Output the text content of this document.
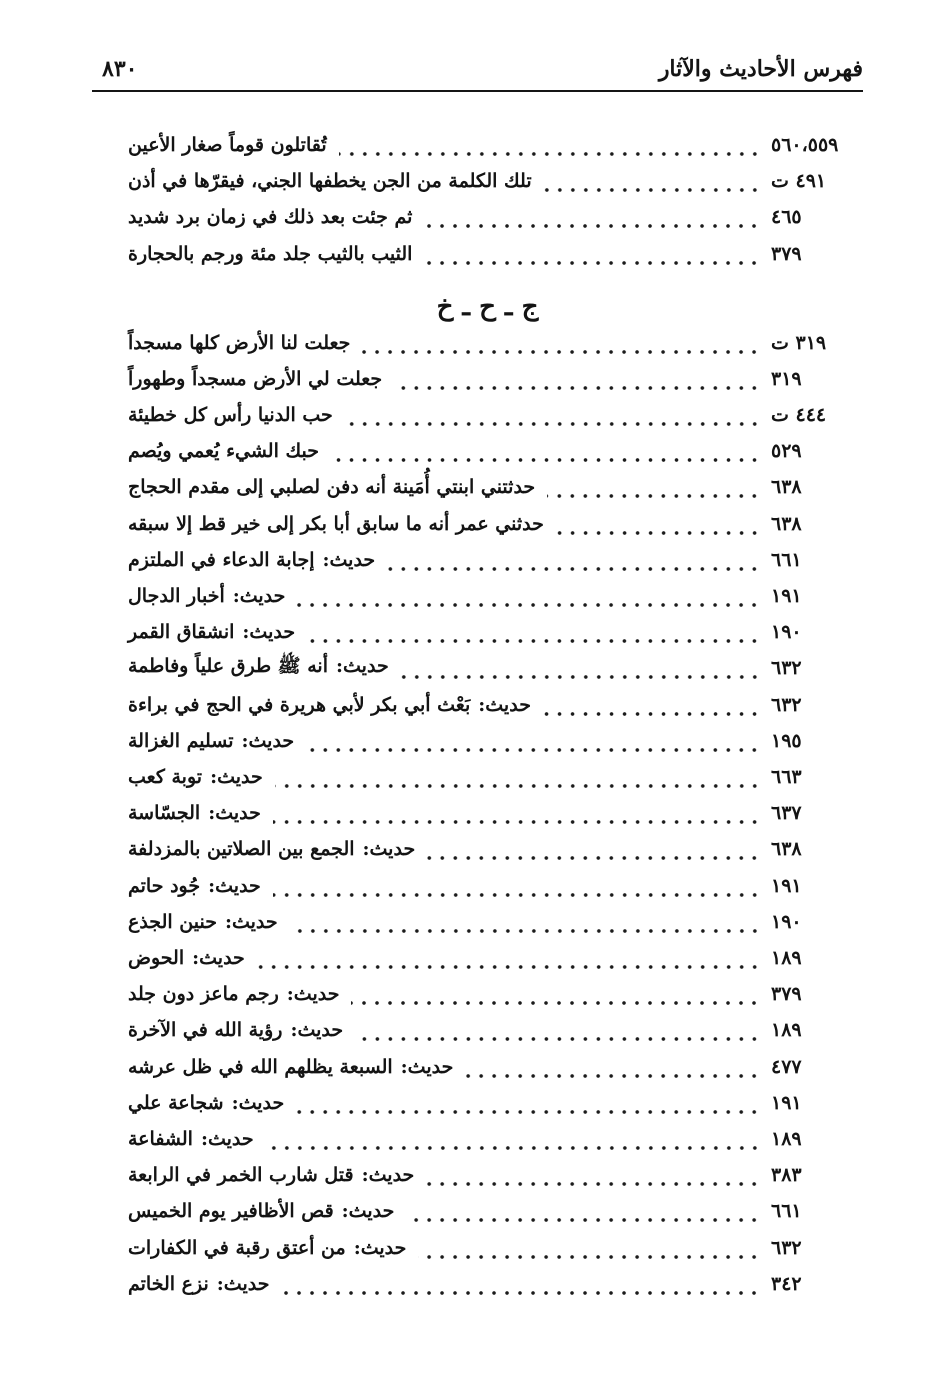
فهرس الأحاديث والآثار
٨٣٠
ج ـ ح ـ خ
تُقاتلون قوماً صغار الأعين	٥٦٠،٥٥٩
تلك الكلمة من الجن يخطفها الجني، فيقرّها في أذن	٤٩١ ت
ثم جئت بعد ذلك في زمان برد شديد	٤٦٥
الثيب بالثيب جلد مئة ورجم بالحجارة	٣٧٩
جعلت لنا الأرض كلها مسجداً	٣١٩ ت
جعلت لي الأرض مسجداً وطهوراً	٣١٩
حب الدنيا رأس كل خطيئة	٤٤٤ ت
حبك الشيء يُعمي ويُصم	٥٢٩
حدثتني ابنتي أُمَينة أنه دفن لصلبي إلى مقدم الحجاج	٦٣٨
حدثني عمر أنه ما سابق أبا بكر إلى خير قط إلا سبقه	٦٣٨
حديث:إجابة الدعاء في الملتزم	٦٦١
حديث:أخبار الدجال	١٩١
حديث:انشقاق القمر	١٩٠
حديث:أنه ﷺ طرق علياً وفاطمة	٦٣٢
حديث:بَعْث أبي بكر لأبي هريرة في الحج في براءة	٦٣٢
حديث:تسليم الغزالة	١٩٥
حديث:توبة كعب	٦٦٣
حديث:الجسّاسة	٦٣٧
حديث:الجمع بين الصلاتين بالمزدلفة	٦٣٨
حديث:جُود حاتم	١٩١
حديث:حنين الجذع	١٩٠
حديث:الحوض	١٨٩
حديث:رجم ماعز دون جلد	٣٧٩
حديث:رؤية الله في الآخرة	١٨٩
حديث:السبعة يظلهم الله في ظل عرشه	٤٧٧
حديث:شجاعة علي	١٩١
حديث:الشفاعة	١٨٩
حديث:قتل شارب الخمر في الرابعة	٣٨٣
حديث:قص الأظافير يوم الخميس	٦٦١
حديث:من أعتق رقبة في الكفارات	٦٣٢
حديث:نزع الخاتم	٣٤٢
